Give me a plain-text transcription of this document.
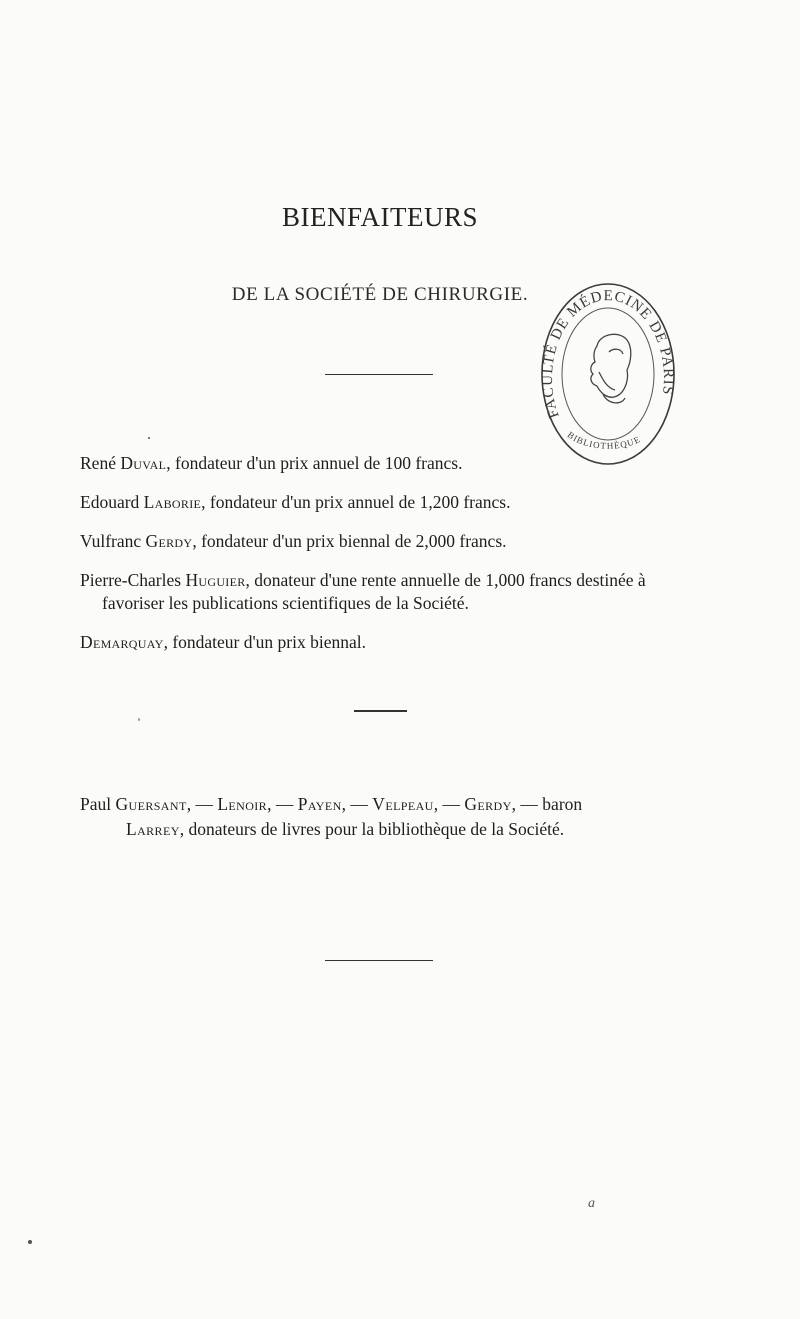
BIENFAITEURS
DE LA SOCIÉTÉ DE CHIRURGIE.
FACULTÉ DE MÉDECINE DE PARIS
BIBLIOTHÈQUE

René Duval, fondateur d'un prix annuel de 100 francs.

Edouard Laborie, fondateur d'un prix annuel de 1,200 francs.

Vulfranc Gerdy, fondateur d'un prix biennal de 2,000 francs.

Pierre-Charles Huguier, donateur d'une rente annuelle de 1,000 francs destinée à favoriser les publications scientifiques de la Société.

Demarquay, fondateur d'un prix biennal.

Paul Guersant, — Lenoir, — Payen, — Velpeau, — Gerdy, — baron
Larrey, donateurs de livres pour la bibliothèque de la Société.
a
